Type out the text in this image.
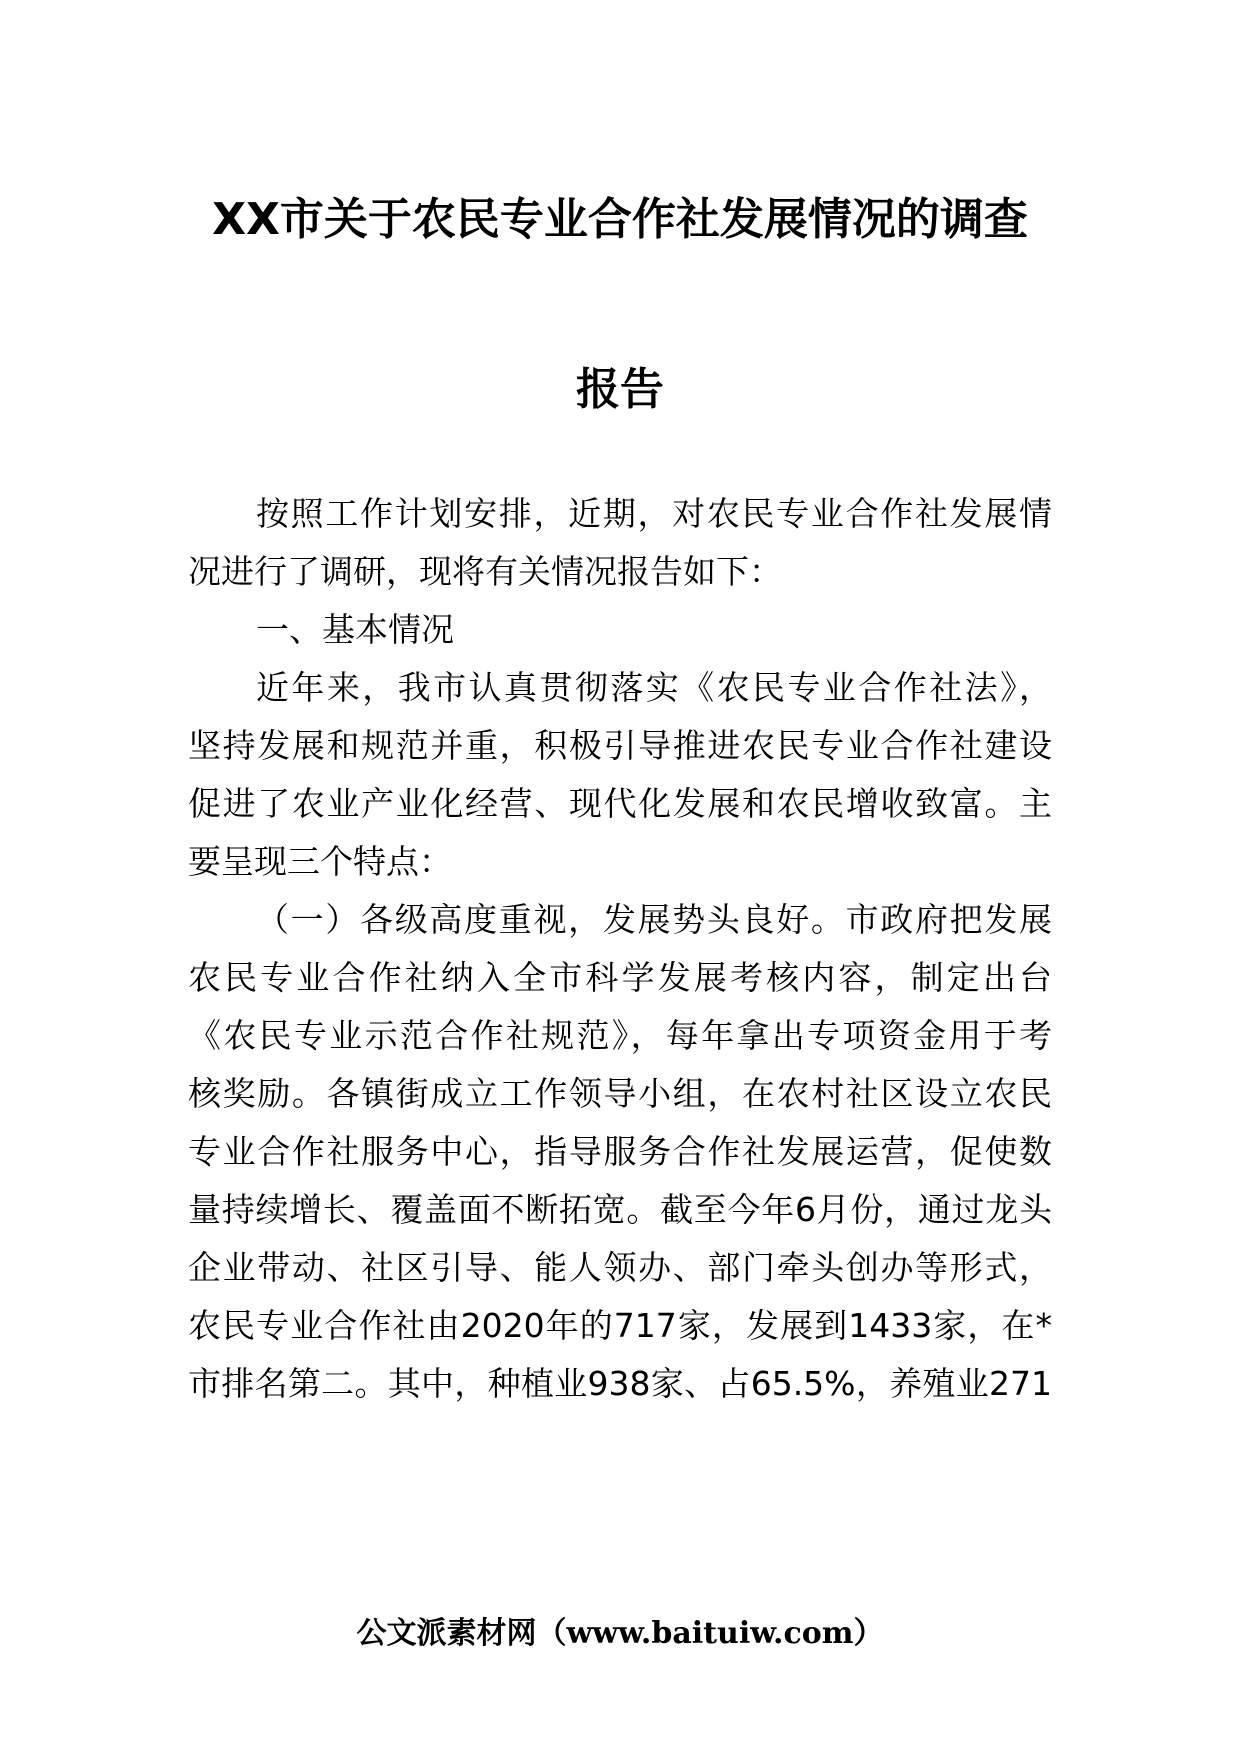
XX市关于农民专业合作社发展情况的调查
报告

按照工作计划安排，近期，对农民专业合作社发展情

况进行了调研，现将有关情况报告如下：

一、基本情况

近年来，我市认真贯彻落实《农民专业合作社法》，

坚持发展和规范并重，积极引导推进农民专业合作社建设

促进了农业产业化经营、现代化发展和农民增收致富。主

要呈现三个特点：

（一）各级高度重视，发展势头良好。市政府把发展

农民专业合作社纳入全市科学发展考核内容，制定出台

《农民专业示范合作社规范》，每年拿出专项资金用于考

核奖励。各镇街成立工作领导小组，在农村社区设立农民

专业合作社服务中心，指导服务合作社发展运营，促使数

量持续增长、覆盖面不断拓宽。截至今年6月份，通过龙头

企业带动、社区引导、能人领办、部门牵头创办等形式，

农民专业合作社由2020年的717家，发展到1433家，在*

市排名第二。其中，种植业938家、占65.5%，养殖业271

公文派素材网（www.baituiw.com）
